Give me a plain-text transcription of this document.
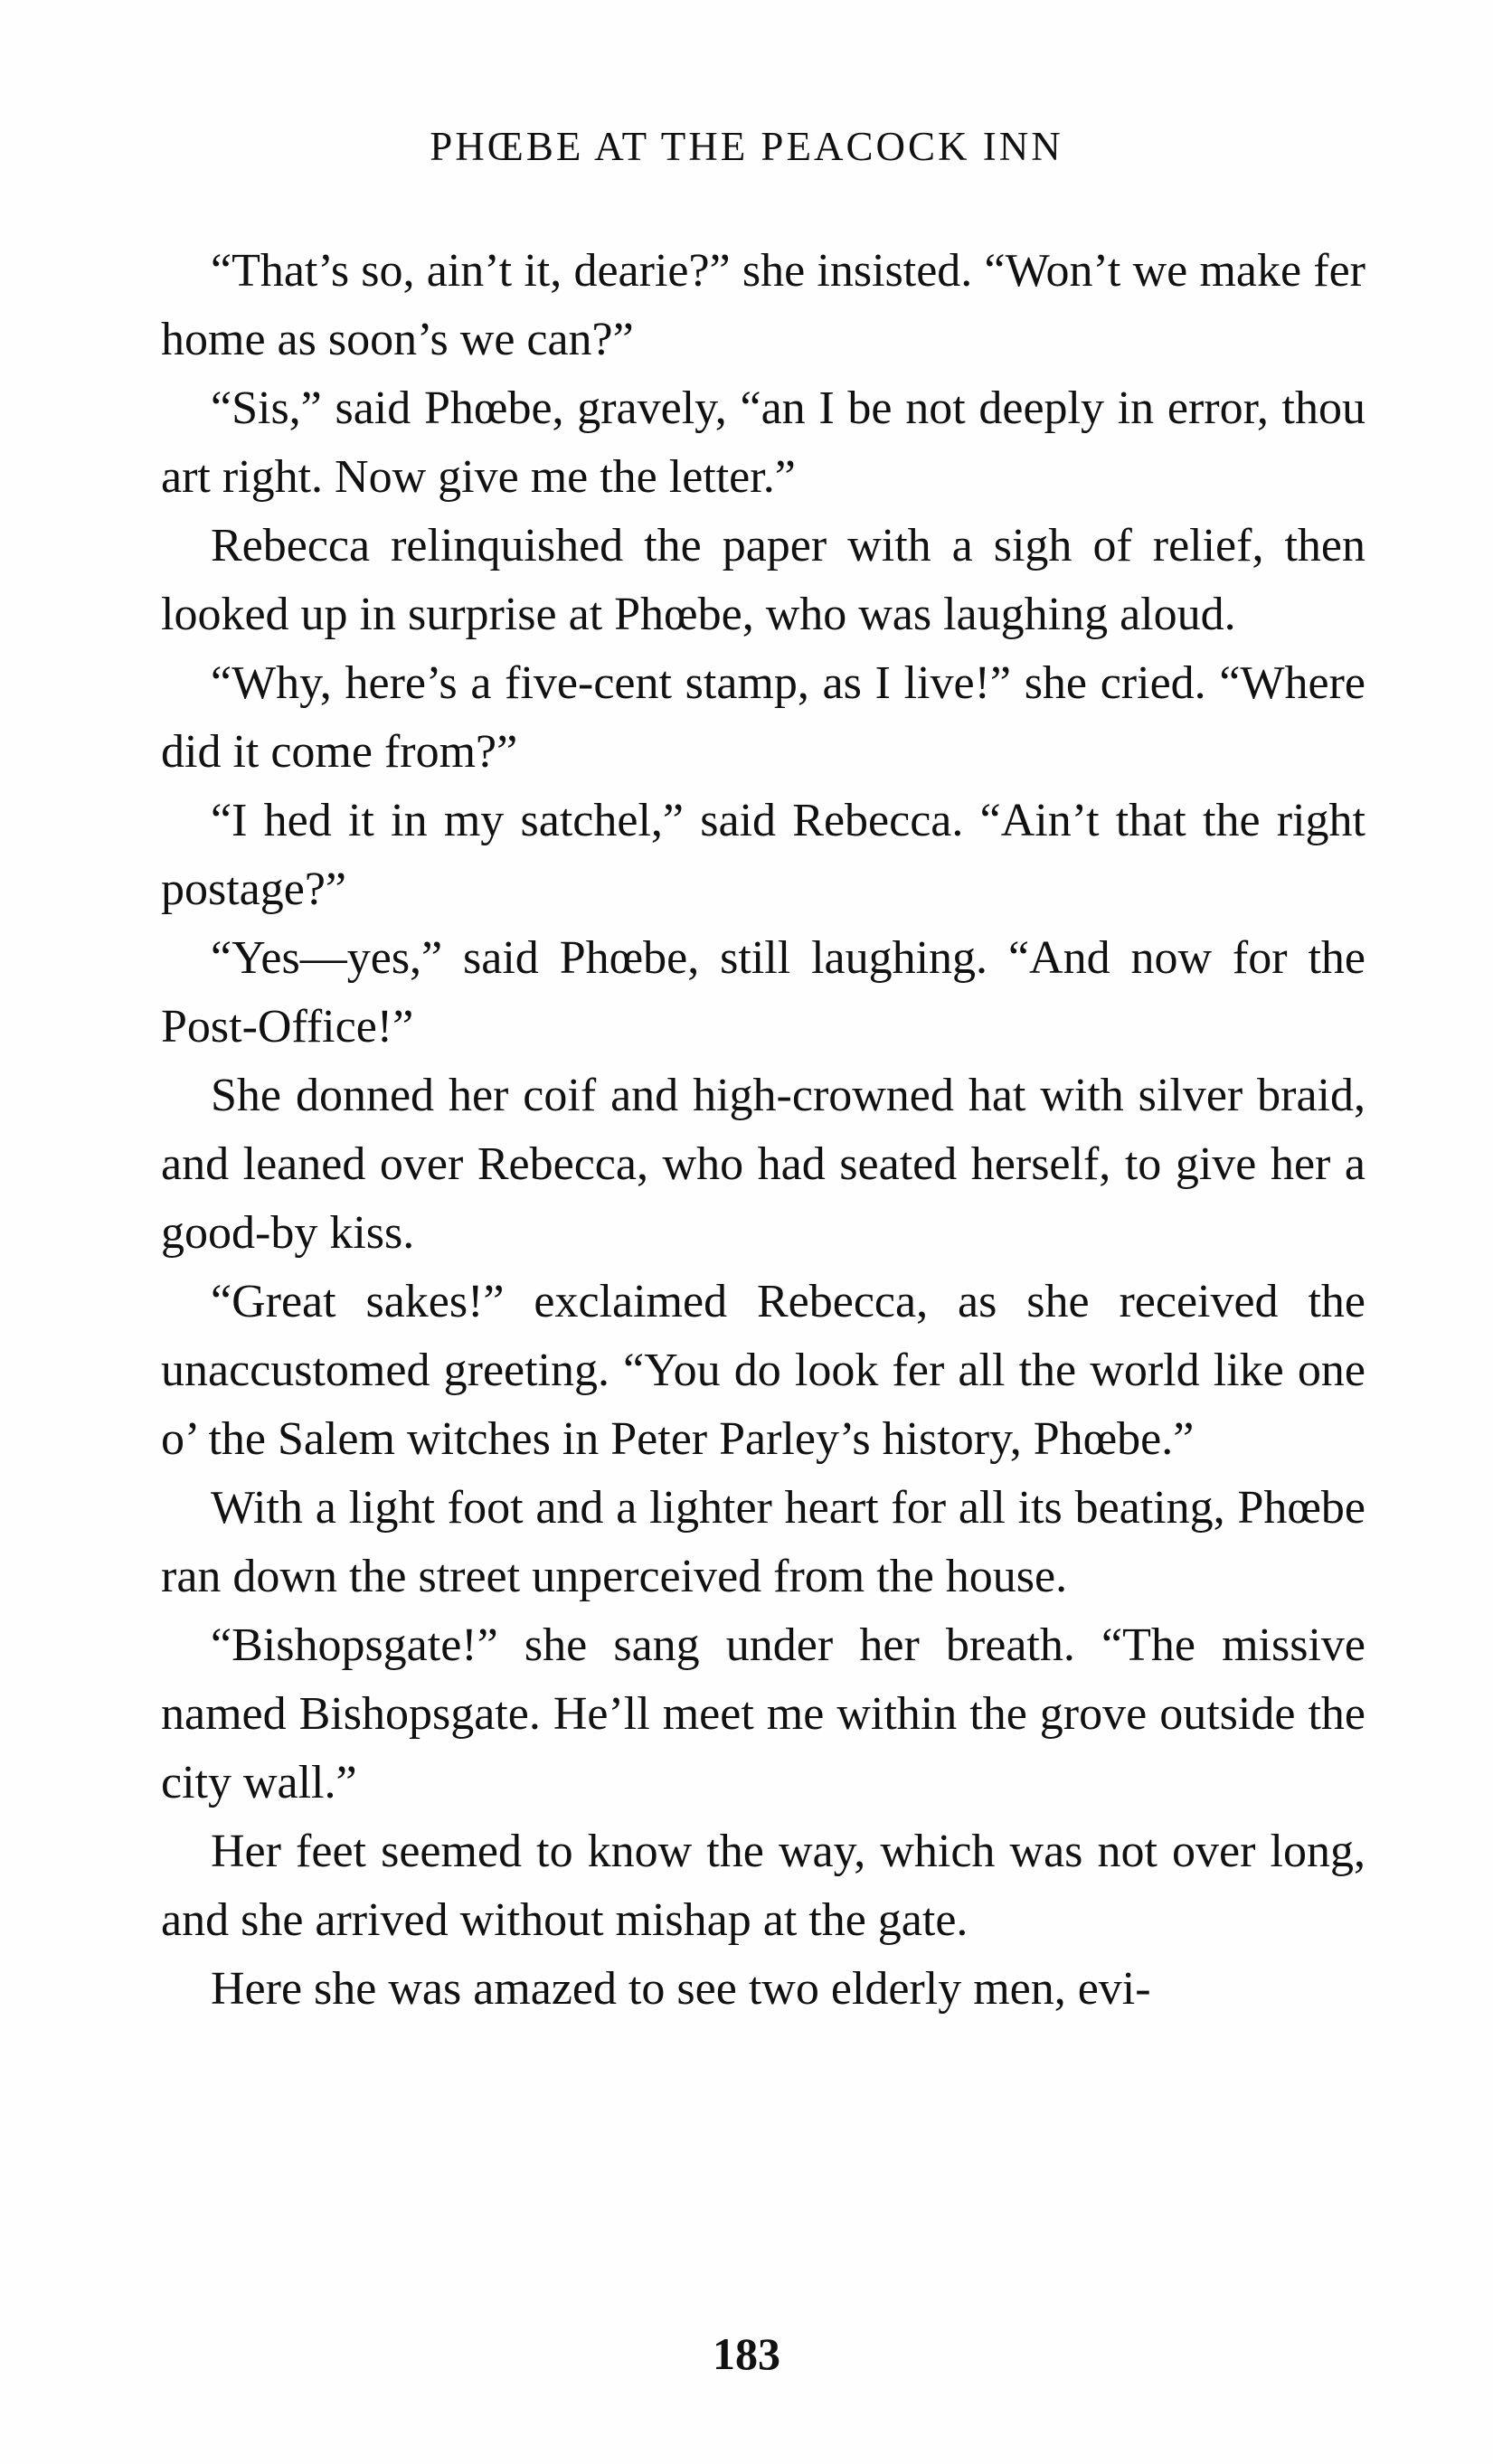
PHŒBE AT THE PEACOCK INN

“That’s so, ain’t it, dearie?” she insisted. “Won’t we make fer home as soon’s we can?”

“Sis,” said Phœbe, gravely, “an I be not deeply in error, thou art right. Now give me the letter.”

Rebecca relinquished the paper with a sigh of relief, then looked up in surprise at Phœbe, who was laughing aloud.

“Why, here’s a five-cent stamp, as I live!” she cried. “Where did it come from?”

“I hed it in my satchel,” said Rebecca. “Ain’t that the right postage?”

“Yes—yes,” said Phœbe, still laughing. “And now for the Post-Office!”

She donned her coif and high-crowned hat with silver braid, and leaned over Rebecca, who had seated herself, to give her a good-by kiss.

“Great sakes!” exclaimed Rebecca, as she received the unaccustomed greeting. “You do look fer all the world like one o’ the Salem witches in Peter Parley’s history, Phœbe.”

With a light foot and a lighter heart for all its beating, Phœbe ran down the street unperceived from the house.

“Bishopsgate!” she sang under her breath. “The missive named Bishopsgate. He’ll meet me within the grove outside the city wall.”

Her feet seemed to know the way, which was not over long, and she arrived without mishap at the gate.

Here she was amazed to see two elderly men, evi-

183
